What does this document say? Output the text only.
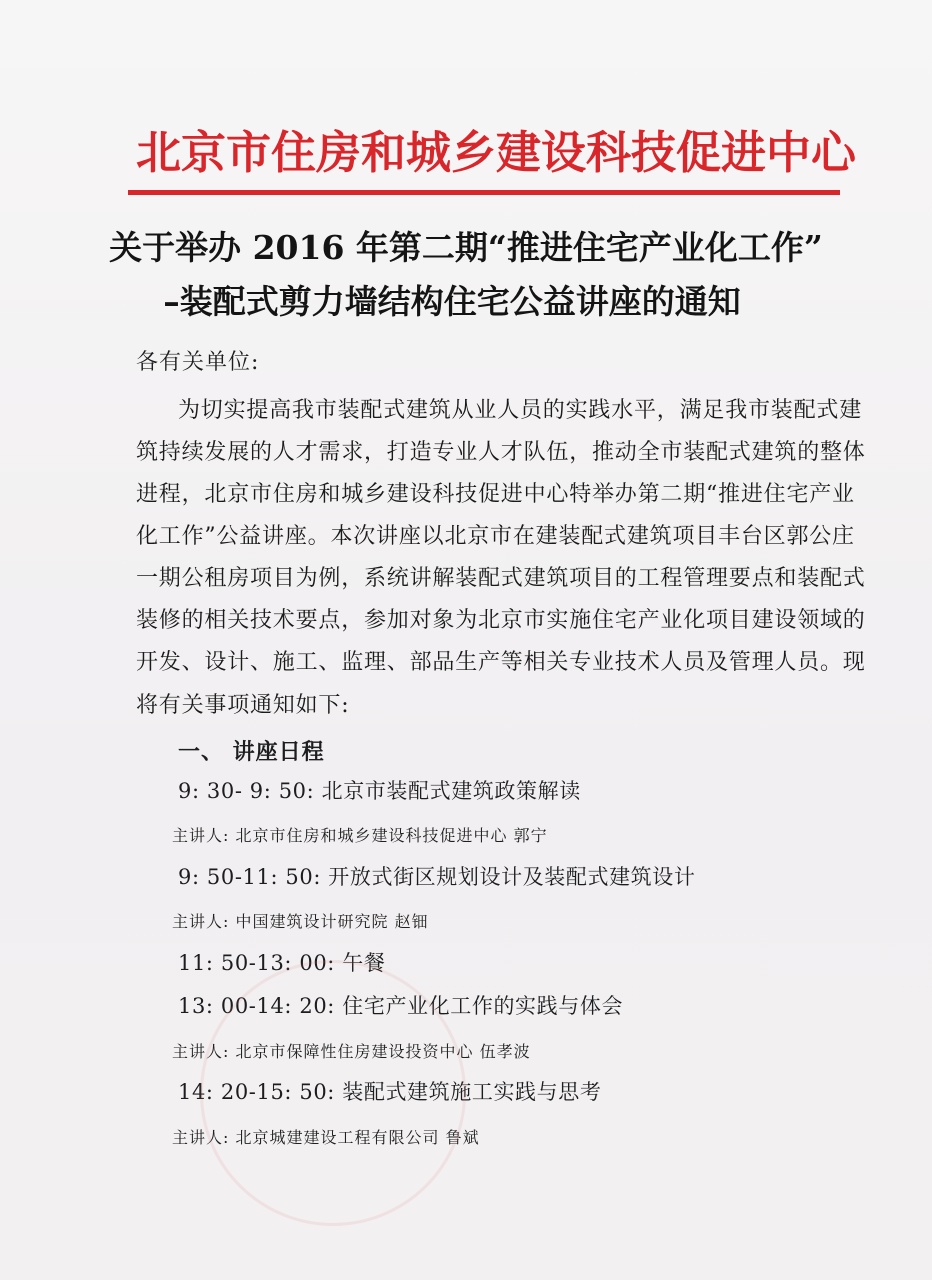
北京市住房和城乡建设科技促进中心
关于举办 2016 年第二期“推进住宅产业化工作”
–装配式剪力墙结构住宅公益讲座的通知
各有关单位:
为切实提高我市装配式建筑从业人员的实践水平，满足我市装配式建
筑持续发展的人才需求，打造专业人才队伍，推动全市装配式建筑的整体
进程，北京市住房和城乡建设科技促进中心特举办第二期“推进住宅产业
化工作”公益讲座。本次讲座以北京市在建装配式建筑项目丰台区郭公庄
一期公租房项目为例，系统讲解装配式建筑项目的工程管理要点和装配式
装修的相关技术要点，参加对象为北京市实施住宅产业化项目建设领域的
开发、设计、施工、监理、部品生产等相关专业技术人员及管理人员。现
将有关事项通知如下:
一、 讲座日程
9: 30- 9: 50: 北京市装配式建筑政策解读
主讲人: 北京市住房和城乡建设科技促进中心 郭宁
9: 50-11: 50: 开放式街区规划设计及装配式建筑设计
主讲人: 中国建筑设计研究院 赵钿
11: 50-13: 00: 午餐
13: 00-14: 20: 住宅产业化工作的实践与体会
主讲人: 北京市保障性住房建设投资中心 伍孝波
14: 20-15: 50: 装配式建筑施工实践与思考
主讲人: 北京城建建设工程有限公司 鲁斌
